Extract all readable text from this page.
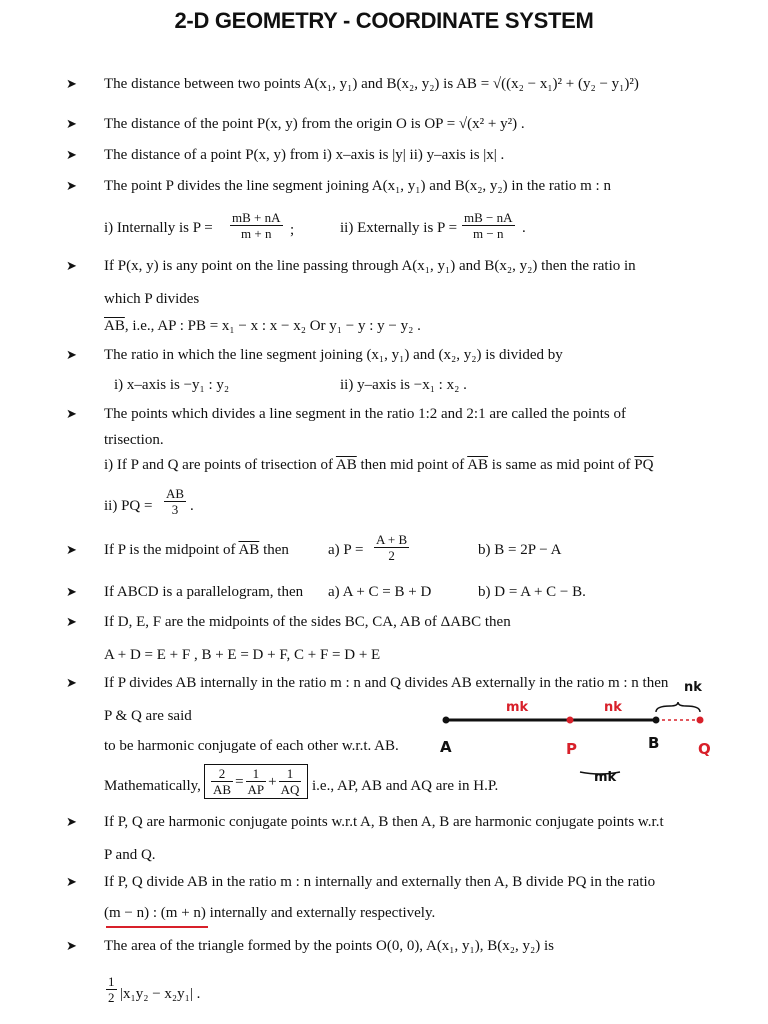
2-D GEOMETRY - COORDINATE SYSTEM
➤ The distance between two points A(x₁, y₁) and B(x₂, y₂) is AB = √((x₂ − x₁)² + (y₂ − y₁)²)
➤ The distance of the point P(x, y) from the origin O is OP = √(x² + y²) .
➤ The distance of a point P(x, y) from i) x–axis is |y| ii) y–axis is |x| .
➤ The point P divides the line segment joining A(x₁, y₁) and B(x₂, y₂) in the ratio m : n
i) Internally is $P = \frac{mB + nA}{m + n}$ ;	ii) Externally is $P = \frac{mB - nA}{m - n}$ .
➤ If P(x, y) is any point on the line passing through A(x₁, y₁) and B(x₂, y₂) then the ratio in
which P divides
$\overline{AB}$, i.e., AP : PB = x₁ − x : x − x₂ Or y₁ − y : y − y₂ .
➤ The ratio in which the line segment joining (x₁, y₁) and (x₂, y₂) is divided by
i) x–axis is −y₁ : y₂	ii) y–axis is −x₁ : x₂ .
➤ The points which divides a line segment in the ratio 1:2 and 2:1 are called the points of
trisection.
i) If P and Q are points of trisection of $\overline{AB}$ then mid point of $\overline{AB}$ is same as mid point of $\overline{PQ}$
ii) PQ = $\frac{AB}{3}$ .
➤ If P is the midpoint of $\overline{AB}$ then	a) $P = \frac{A + B}{2}$	b) B = 2P − A
➤ If ABCD is a parallelogram, then a) A + C = B + D	b) D = A + C − B.
➤ If D, E, F are the midpoints of the sides BC, CA, AB of ΔABC then
A + D = E + F , B + E = D + F, C + F = D + E
➤ If P divides AB internally in the ratio m : n and Q divides AB externally in the ratio m : n then
P & Q are said
to be harmonic conjugate of each other w.r.t. AB.
mk	nk
nk
A	P	B	Q
mk
Mathematically, $\frac{2}{AB} = \frac{1}{AP} + \frac{1}{AQ} i.e$., AP, AB and AQ are in H.P.
➤ If P, Q are harmonic conjugate points w.r.t A, B then A, B are harmonic conjugate points w.r.t
P and Q.
➤ If P, Q divide AB in the ratio m : n internally and externally then A, B divide PQ in the ratio
(m − n) : (m + n) internally and externally respectively.
➤ The area of the triangle formed by the points O(0, 0), A(x₁, y₁), B(x₂, y₂) is
$\frac{1}{2} |x_1y_2 - x_2y_1|$ .
